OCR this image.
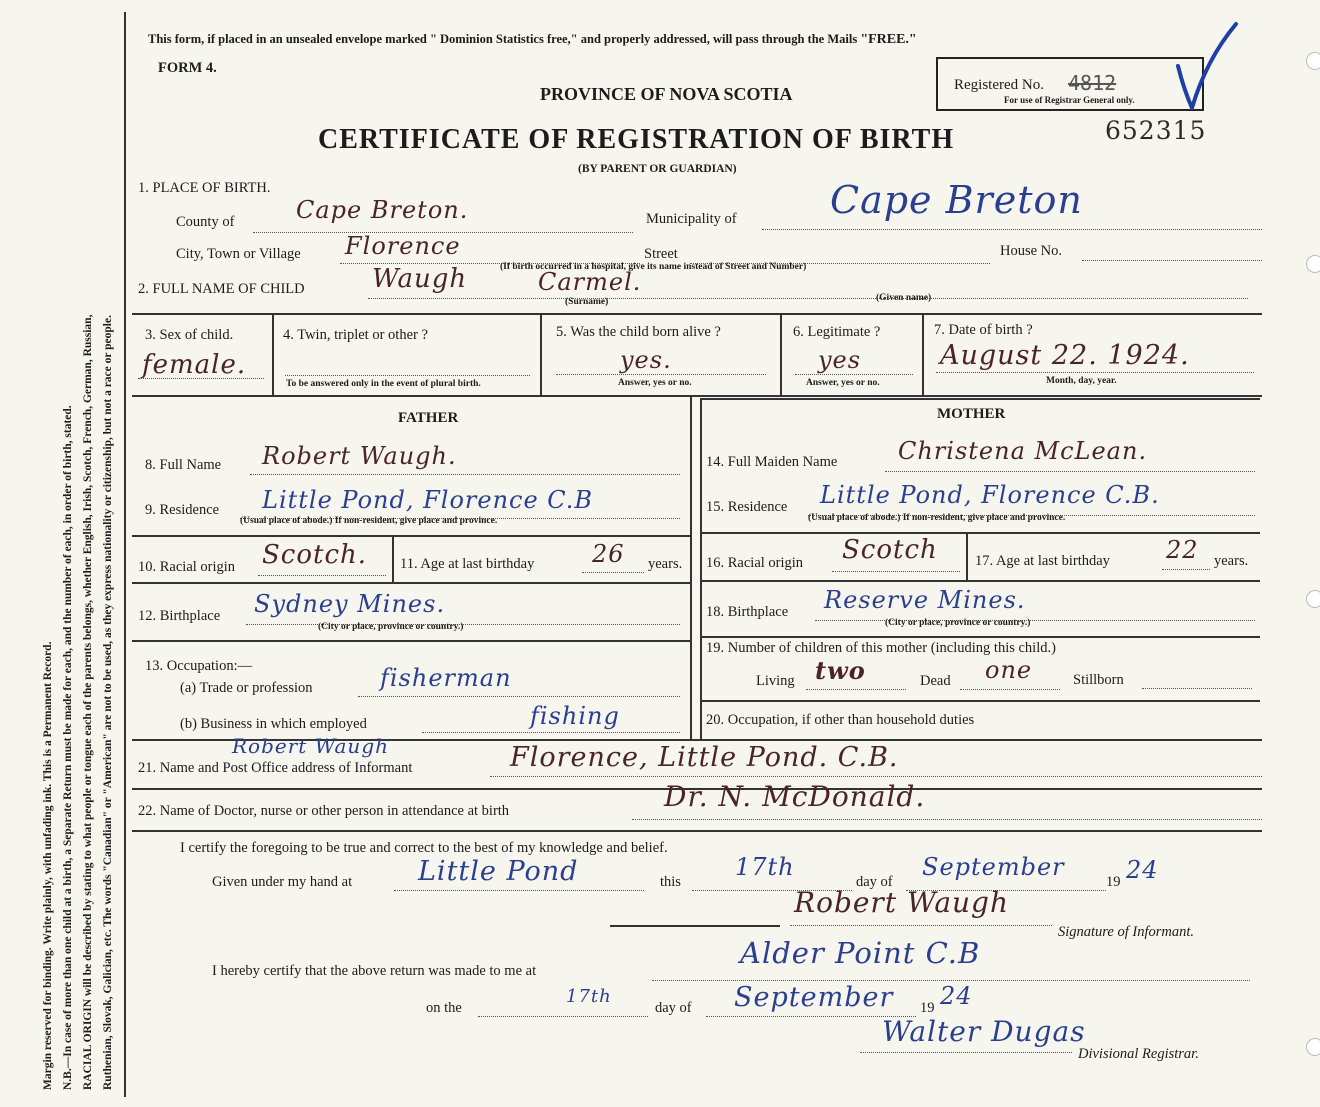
Margin reserved for binding. Write plainly, with unfading ink. This is a Permanent Record. N.B.—In case of more than one child at a birth, a Separate Return must be made for each, and the number of each, in order of birth, stated. RACIAL ORIGIN will be described by stating to what people or tongue each of the parents belongs, whether English, Irish, Scotch, French, German, Russian, Ruthenian, Slovak, Galician, etc. The words "Canadian" or "American" are not to be used, as they express nationality or citizenship, but not a race or people.
This form, if placed in an unsealed envelope marked " Dominion Statistics free," and properly addressed, will pass through the Mails "FREE."
FORM 4.
PROVINCE OF NOVA SCOTIA
CERTIFICATE OF REGISTRATION OF BIRTH
(BY PARENT OR GUARDIAN)
Registered No. 4812
For use of Registrar General only.
652315
1. PLACE OF BIRTH.
County of	Cape Breton.	Municipality of Cape Breton
City, Town or Village Florence	Street	House No.
(If birth occurred in a hospital, give its name instead of Street and Number)
2. FULL NAME OF CHILD	Waugh	Carmel.
(Surname)	(Given name)
3. Sex of child.
female.
4. Twin, triplet or other ?
To be answered only in the event of plural birth.
5. Was the child born alive ?
yes.
Answer, yes or no.
6. Legitimate ?
yes
Answer, yes or no.
7. Date of birth ?
August 22. 1924.
Month, day, year.
FATHER	MOTHER
8. Full Name Robert Waugh.	14. Full Maiden Name	Christena McLean.
9. Residence Little Pond, Florence C.B
(Usual place of abode.) If non-resident, give place and province.
15. Residence Little Pond, Florence C.B.
(Usual place of abode.) If non-resident, give place and province.
10. Racial origin Scotch. 11. Age at last birthday 26 years. 16. Racial origin Scotch	17. Age at last birthday 22 years.
12. Birthplace Sydney Mines.
(City or place, province or country.)
18. Birthplace Reserve Mines.
(City or place, province or country.)
13. Occupation:—
(a) Trade or profession	fisherman
(b) Business in which employed	fishing
19. Number of children of this mother (including this child.)
Living two	Dead one	Stillborn
20. Occupation, if other than household duties
Robert Waugh
21. Name and Post Office address of Informant	Florence, Little Pond. C.B.
22. Name of Doctor, nurse or other person in attendance at birth	Dr. N. McDonald.
I certify the foregoing to be true and correct to the best of my knowledge and belief.
Given under my hand at Little Pond	this
17th
day of
September
19 24
Robert Waugh
Signature of Informant.
I hereby certify that the above return was made to me at
Alder Point C.B
on the
17th
day of September 19 24
Walter Dugas
Divisional Registrar.
